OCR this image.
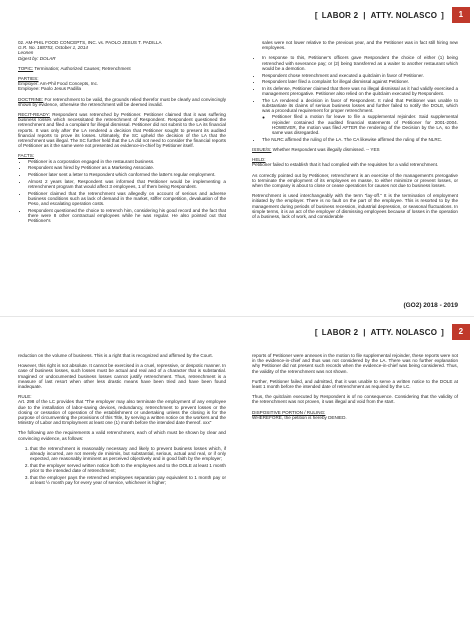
[ LABOR 2 | ATTY. NOLASCO ]	1

02. AM-PHIL FOOD CONCEPTS, INC. vs. PAOLO JESUS T. PADILLA

G.R. No. 188753, October 1, 2014

Leonen

Digest by: DOLAR

TOPIC: Termination; Authorized Causes; Retrenchment

PARTIES:

Employer: Am-Phil Food Concepts, Inc.

Employee: Paolo Jesus Padilla

DOCTRINE: For retrenchment to be valid, the grounds relied therefor must be clearly and convincingly shown by evidence, otherwise the retrenchment will be deemed invalid.

RECIT-READY: Respondent was retrenched by Petitioner. Petitioner claimed that it was suffering business losses which necessitated the retrenchment of Respondent. Respondent questioned the retrenchment and filed a complaint for illegal dismissal. Petitioner did not submit to the LA its financial reports. It was only after the LA rendered a decision that Petitioner sought to present its audited financial reports to prove its losses. Ultimately, the SC upheld the decision of the LA that the retrenchment was illegal. The SC further held that the LA did not need to consider the financial reports of Petitioner as it the same were not presented as evidence-in-chief by Petitioner itself.

FACTS:

• Petitioner is a corporation engaged in the restaurant business.
• Respondent was hired by Petitioner as a Marketing Associate.
• Petitioner later sent a letter to Respondent which conformed the latter's regular employment.
• Almost 2 years later, Respondent was informed that Petitioner would be implementing a retrenchment program that would affect 3 employees, 1 of them being Respondent.
• Petitioner claimed that the retrenchment was allegedly on account of serious and adverse business conditions such as lack of demand in the market, stiffer competition, devaluation of the Peso, and escalating operation costs.
• Respondent questioned the choice to retrench him, considering his good record and the fact that there were 8 other contractual employees while he was regular. He also pointed out that Petitioner's

sales were not lower relative to the previous year, and the Petitioner was in fact still hiring new employees.

• In response to this, Petitioner's officers gave Respondent the choice of either (1) being retrenched with severance pay; or (2) being transferred as a waiter to another restaurant which would be a demotion.
• Respondent chose retrenchment and executed a quitclaim in favor of Petitioner.
• Respondent later filed a complaint for illegal dismissal against Petitioner.
• In its defense, Petitioner claimed that there was no illegal dismissal as it had validly exercised a management prerogative. Petitioner also relied on the quitclaim executed by Respondent.
• The LA rendered a decision in favor of Respondent. It ruled that Petitioner was unable to substantiate its claims of serious business losses and further failed to notify the DOLE, which was a procedural requirement for proper retrenchment.
◦ Petitioner filed a motion for leave to file a supplemental rejoinder. Said supplemental rejoinder contained the audited financial statements of Petitioner for 2001-2004. HOWEVER, the motion was filed AFTER the rendering of the Decision by the LA, so the same was disregarded.
• The NLRC affirmed the ruling of the LA. The CA likewise affirmed the ruling of the NLRC.

ISSUE/S: Whether Respondent was illegally dismissed. -- YES

HELD:

Petitioner failed to establish that it had complied with the requisites for a valid retrenchment.

As correctly pointed out by Petitioner, retrenchment is an exercise of the management's prerogative to terminate the employment of its employees en masse, to either minimize or prevent losses, or when the company is about to close or cease operations for causes not due to business losses.

Retrenchment is used interchangeably with the term "lay-off." It is the termination of employment initiated by the employer. There is no fault on the part of the employee. This is resorted to by the management during periods of business recession, industrial depression, or seasonal fluctuations. In simple terms, it is an act of the employer of dismissing employees because of losses in the operation of a business, lack of work, and considerable

(GO2) 2018 - 2019
[ LABOR 2 | ATTY. NOLASCO ]	2

reduction on the volume of business. This is a right that is recognized and affirmed by the Court.

However, this right is not absolute. It cannot be exercised in a cruel, repressive, or despotic manner. In case of business losses, such losses must be actual and real and of a character that is substantial. Imagined or undocumented business losses cannot justify retrenchment. Thus, retrenchment is a measure of last resort when other less drastic means have been tried and have been found inadequate.

RULE:

Art. 298 of the LC provides that "The employer may also terminate the employment of any employee due to the installation of labor-saving devices, redundancy, retrenchment to prevent losses or the closing or cessation of operation of the establishment or undertaking unless the closing is for the purpose of circumventing the provisions of this Title, by serving a written notice on the workers and the Ministry of Labor and Employment at least one (1) month before the intended date thereof. xxx"

The following are the requirements a valid retrenchment, each of which must be shown by clear and convincing evidence, as follows:

1. that the retrenchment is reasonably necessary and likely to prevent business losses which, if already incurred, are not merely de minimis, but substantial, serious, actual and real, or if only expected, are reasonably imminent as perceived objectively and in good faith by the employer;
2. that the employer served written notice both to the employees and to the DOLE at least 1 month prior to the intended date of retrenchment;
3. that the employer pays the retrenched employees separation pay equivalent to 1 month pay or at least ½ month pay for every year of service, whichever is higher;

reports of Petitioner were annexes in the motion to file supplemental rejoinder, these reports were not in the evidence-in-chief and thus was not considered by the LA. There was no further explanation why Petitioner did not present such records when the evidence-in-chief was being considered. Thus, the validity of the retrenchment was not shown.

Further, Petitioner failed, and admitted, that it was unable to serve a written notice to the DOLE at least 1 month before the intended date of retrenchment as required by the LC.

Thus, the quitclaim executed by Respondent is of no consequence. Considering that the validity of the retrenchment was not proven, it was illegal and void from the start.

DISPOSITIVE PORTION / RULING:

WHEREFORE, the petition is hereby DENIED.
